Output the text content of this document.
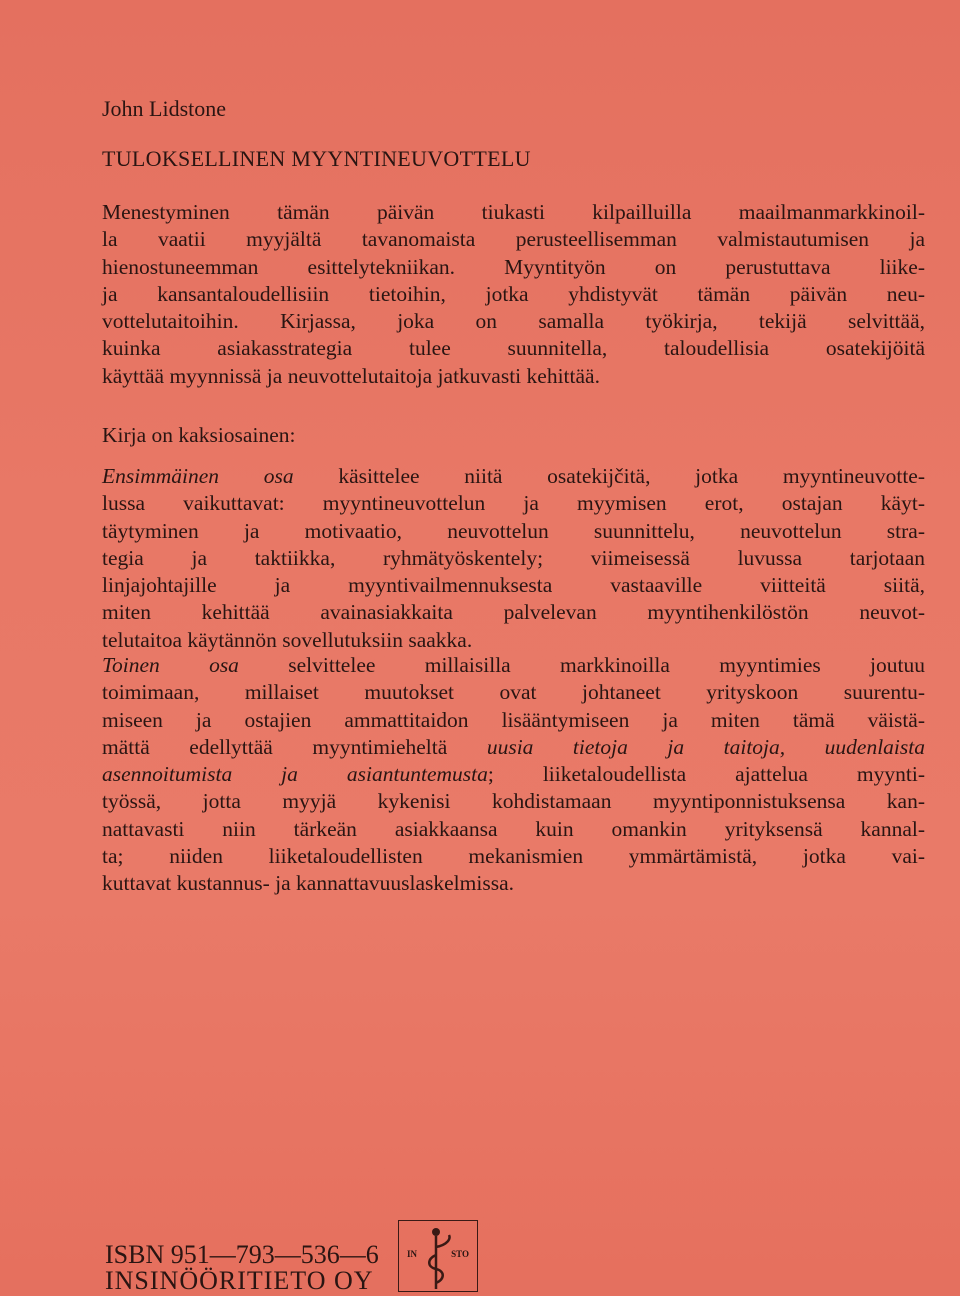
John Lidstone
TULOKSELLINEN MYYNTINEUVOTTELU
Menestyminen tämän päivän tiukasti kilpailluilla maailmanmarkkinoil-
la vaatii myyjältä tavanomaista perusteellisemman valmistautumisen ja
hienostuneemman esittelytekniikan. Myyntityön on perustuttava liike-
ja kansantaloudellisiin tietoihin, jotka yhdistyvät tämän päivän neu-
vottelutaitoihin. Kirjassa, joka on samalla työkirja, tekijä selvittää,
kuinka asiakasstrategia tulee suunnitella, taloudellisia osatekijöitä
käyttää myynnissä ja neuvottelutaitoja jatkuvasti kehittää.
Kirja on kaksiosainen:
Ensimmäinen osa käsittelee niitä osatekijčitä, jotka myyntineuvotte-
lussa vaikuttavat: myyntineuvottelun ja myymisen erot, ostajan käyt-
täytyminen ja motivaatio, neuvottelun suunnittelu, neuvottelun stra-
tegia ja taktiikka, ryhmätyöskentely; viimeisessä luvussa tarjotaan
linjajohtajille ja myyntivailmennuksesta vastaaville viitteitä siitä,
miten kehittää avainasiakkaita palvelevan myyntihenkilöstön neuvot-
telutaitoa käytännön sovellutuksiin saakka.
Toinen osa selvittelee millaisilla markkinoilla myyntimies joutuu
toimimaan, millaiset muutokset ovat johtaneet yrityskoon suurentu-
miseen ja ostajien ammattitaidon lisääntymiseen ja miten tämä väistä-
mättä edellyttää myyntimieheltä uusia tietoja ja taitoja, uudenlaista
asennoitumista ja asiantuntemusta; liiketaloudellista ajattelua myynti-
työssä, jotta myyjä kykenisi kohdistamaan myyntiponnistuksensa kan-
nattavasti niin tärkeän asiakkaansa kuin omankin yrityksensä kannal-
ta; niiden liiketaloudellisten mekanismien ymmärtämistä, jotka vai-
kuttavat kustannus- ja kannattavuuslaskelmissa.
ISBN 951—793—536—6
INSINÖÖRITIETO OY
IN	STO
